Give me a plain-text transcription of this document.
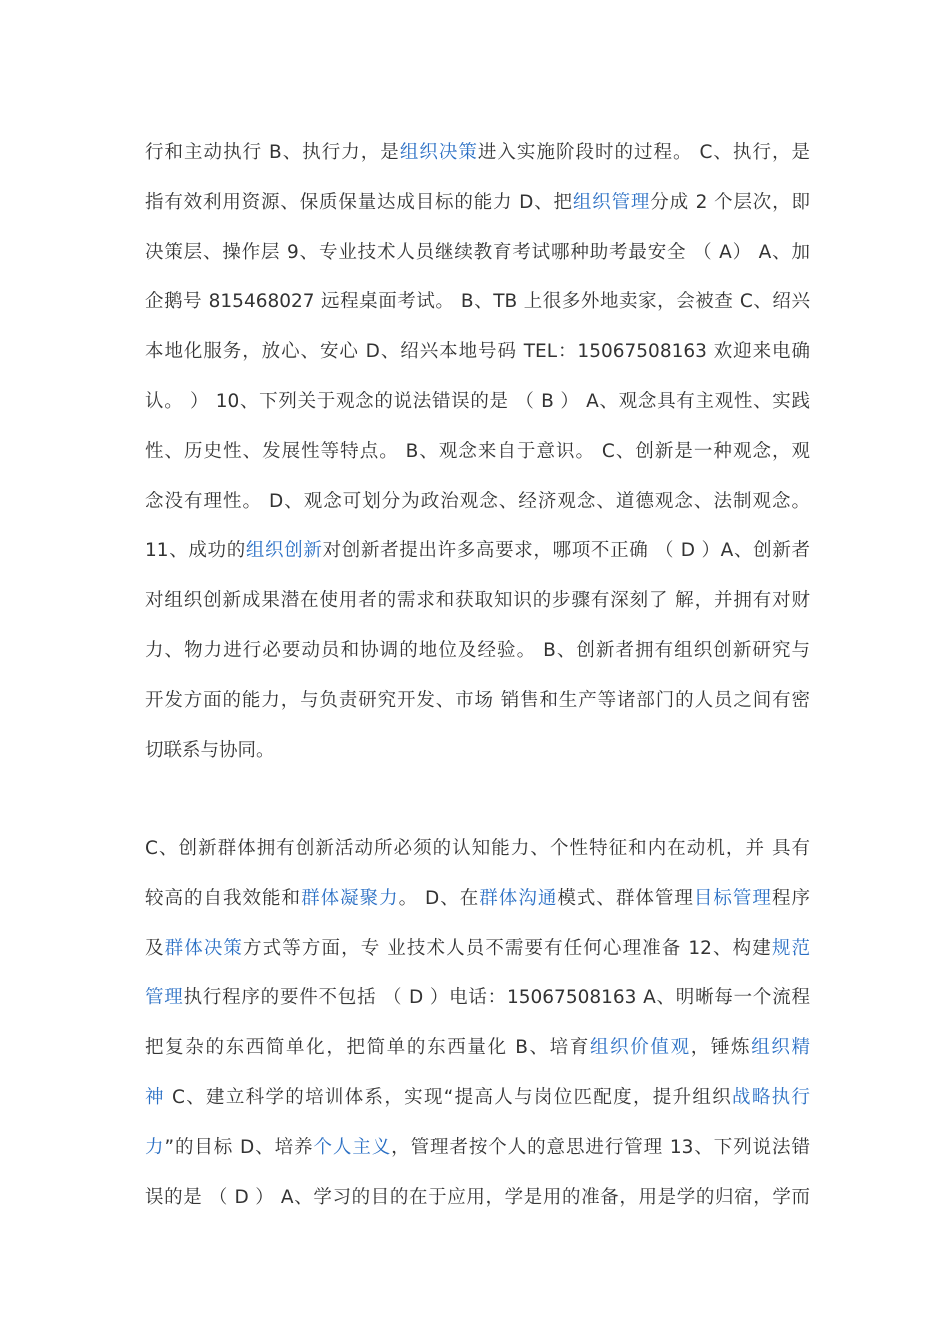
行和主动执行 B、执行力，是组织决策进入实施阶段时的过程。 C、执行，是
指有效利用资源、保质保量达成目标的能力 D、把组织管理分成 2 个层次，即
决策层、操作层 9、专业技术人员继续教育考试哪种助考最安全 （ A） A、加
企鹅号 815468027 远程桌面考试。 B、TB 上很多外地卖家，会被查 C、绍兴
本地化服务，放心、安心 D、绍兴本地号码 TEL：15067508163 欢迎来电确
认。 ） 10、下列关于观念的说法错误的是 （ B ） A、观念具有主观性、实践
性、历史性、发展性等特点。 B、观念来自于意识。 C、创新是一种观念，观
念没有理性。 D、观念可划分为政治观念、经济观念、道德观念、法制观念。
11、成功的组织创新对创新者提出许多高要求，哪项不正确 （ D ）A、创新者
对组织创新成果潜在使用者的需求和获取知识的步骤有深刻了 解，并拥有对财
力、物力进行必要动员和协调的地位及经验。 B、创新者拥有组织创新研究与
开发方面的能力，与负责研究开发、市场 销售和生产等诸部门的人员之间有密
切联系与协同。
C、创新群体拥有创新活动所必须的认知能力、个性特征和内在动机，并 具有
较高的自我效能和群体凝聚力。 D、在群体沟通模式、群体管理目标管理程序
及群体决策方式等方面，专 业技术人员不需要有任何心理准备 12、构建规范
管理执行程序的要件不包括 （ D ）电话：15067508163 A、明晰每一个流程
把复杂的东西简单化，把简单的东西量化 B、培育组织价值观，锤炼组织精
神 C、建立科学的培训体系，实现“提高人与岗位匹配度，提升组织战略执行
力”的目标 D、培养个人主义，管理者按个人的意思进行管理 13、下列说法错
误的是 （ D ） A、学习的目的在于应用，学是用的准备，用是学的归宿，学而
